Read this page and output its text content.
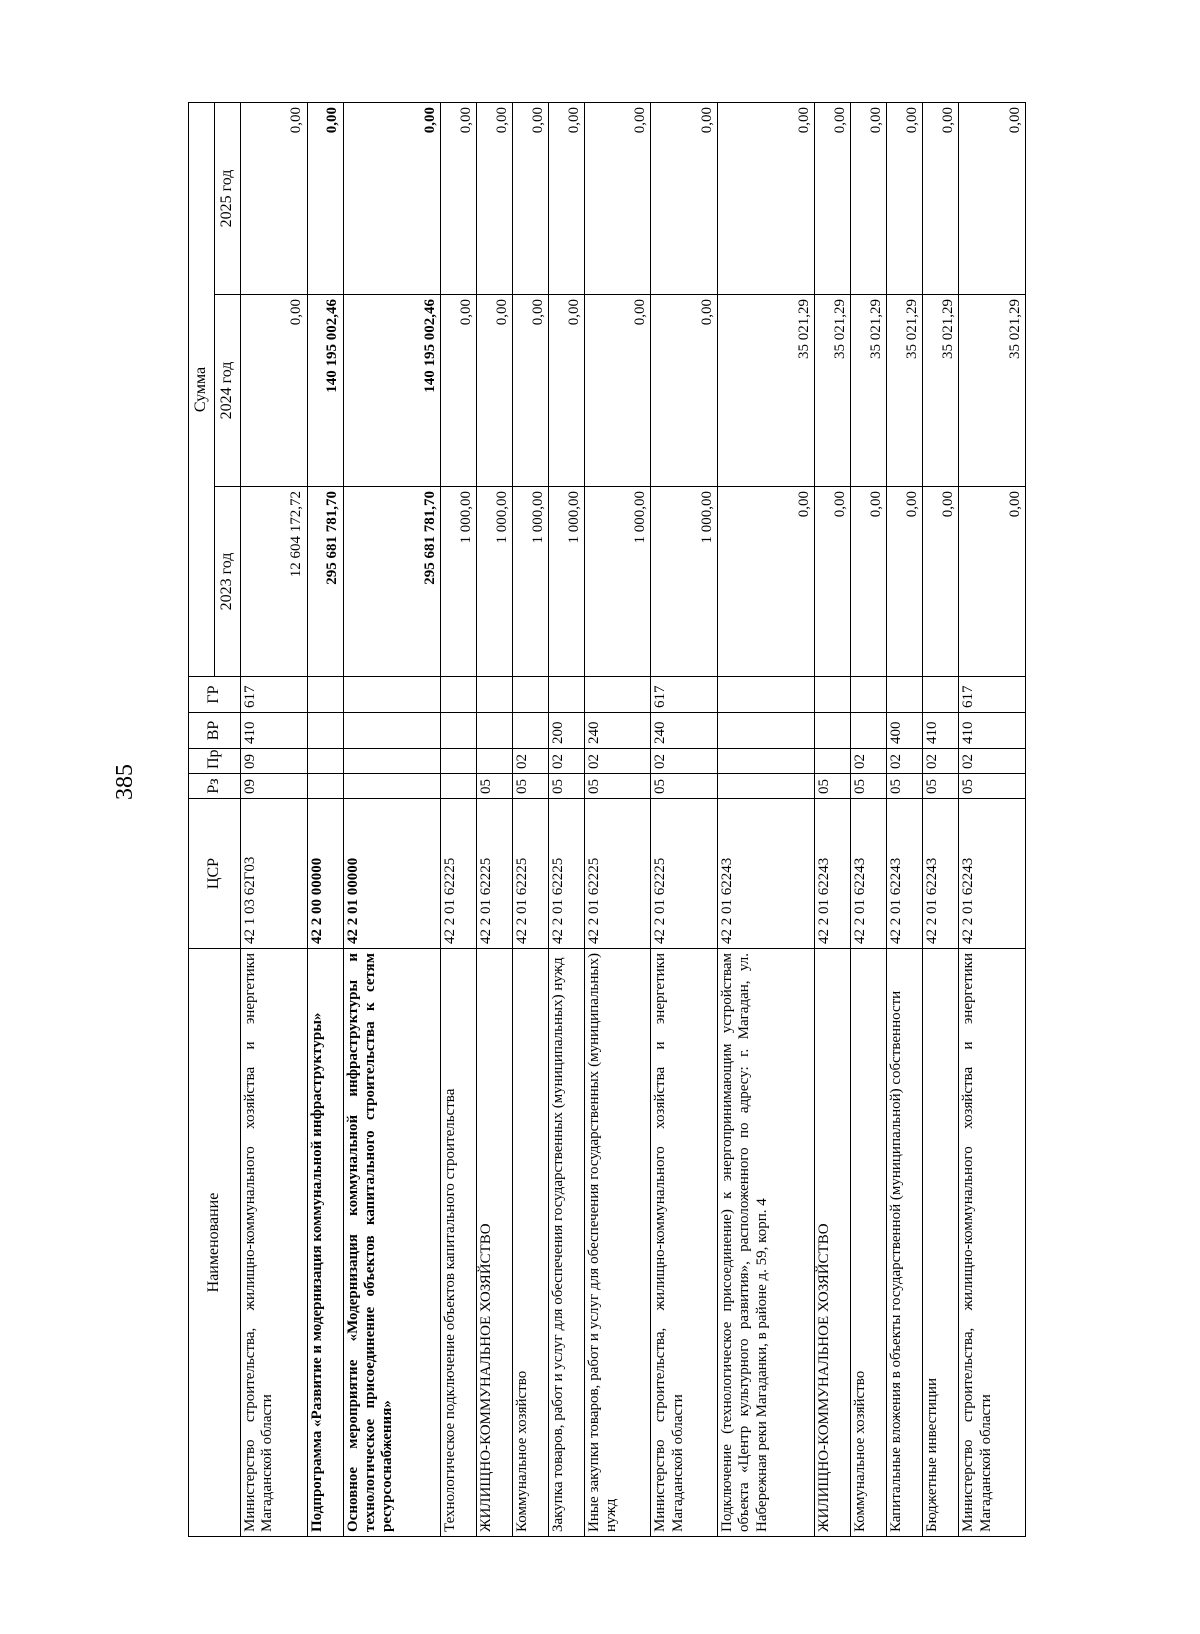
385
Наименование	ЦСР	Рз	Пр	ВР	ГР	Сумма		
						2023 год	2024 год	2025 год
Министерство строительства, жилищно-коммунального хозяйства и энергетики Магаданской области	42 1 03 62Г03	09	09	410	617	12 604 172,72	0,00	0,00
Подпрограмма «Развитие и модернизация коммунальной инфраструктуры»	42 2 00 00000					295 681 781,70	140 195 002,46	0,00
Основное мероприятие «Модернизация коммунальной инфраструктуры и технологическое присоединение объектов капитального строительства к сетям ресурсоснабжения»	42 2 01 00000					295 681 781,70	140 195 002,46	0,00
Технологическое подключение объектов капитального строительства	42 2 01 62225					1 000,00	0,00	0,00
ЖИЛИЩНО-КОММУНАЛЬНОЕ ХОЗЯЙСТВО	42 2 01 62225	05				1 000,00	0,00	0,00
Коммунальное хозяйство	42 2 01 62225	05	02			1 000,00	0,00	0,00
Закупка товаров, работ и услуг для обеспечения государственных (муниципальных) нужд	42 2 01 62225	05	02	200		1 000,00	0,00	0,00
Иные закупки товаров, работ и услуг для обеспечения государственных (муниципальных) нужд	42 2 01 62225	05	02	240		1 000,00	0,00	0,00
Министерство строительства, жилищно-коммунального хозяйства и энергетики Магаданской области	42 2 01 62225	05	02	240	617	1 000,00	0,00	0,00
Подключение (технологическое присоединение) к энергопринимающим устройствам объекта «Центр культурного развития», расположенного по адресу: г. Магадан, ул. Набережная реки Магаданки, в районе д. 59, корп. 4	42 2 01 62243					0,00	35 021,29	0,00
ЖИЛИЩНО-КОММУНАЛЬНОЕ ХОЗЯЙСТВО	42 2 01 62243	05				0,00	35 021,29	0,00
Коммунальное хозяйство	42 2 01 62243	05	02			0,00	35 021,29	0,00
Капитальные вложения в объекты государственной (муниципальной) собственности	42 2 01 62243	05	02	400		0,00	35 021,29	0,00
Бюджетные инвестиции	42 2 01 62243	05	02	410		0,00	35 021,29	0,00
Министерство строительства, жилищно-коммунального хозяйства и энергетики Магаданской области	42 2 01 62243	05	02	410	617	0,00	35 021,29	0,00
